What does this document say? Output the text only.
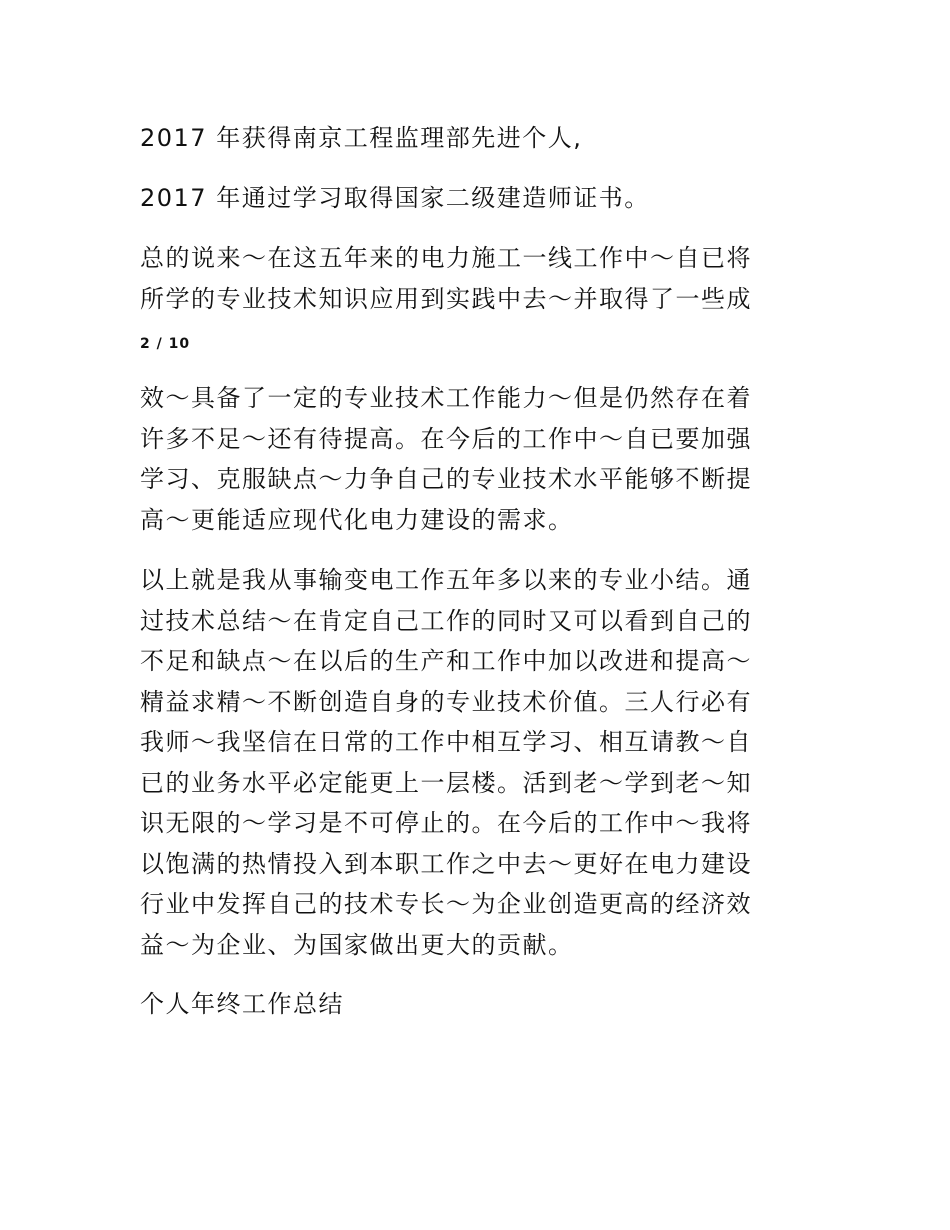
2017 年获得南京工程监理部先进个人,
2017 年通过学习取得国家二级建造师证书。
总的说来～在这五年来的电力施工一线工作中～自已将
所学的专业技术知识应用到实践中去～并取得了一些成
2 / 10
效～具备了一定的专业技术工作能力～但是仍然存在着
许多不足～还有待提高。在今后的工作中～自已要加强
学习、克服缺点～力争自己的专业技术水平能够不断提
高～更能适应现代化电力建设的需求。
以上就是我从事输变电工作五年多以来的专业小结。通
过技术总结～在肯定自己工作的同时又可以看到自己的
不足和缺点～在以后的生产和工作中加以改进和提高～
精益求精～不断创造自身的专业技术价值。三人行必有
我师～我坚信在日常的工作中相互学习、相互请教～自
已的业务水平必定能更上一层楼。活到老～学到老～知
识无限的～学习是不可停止的。在今后的工作中～我将
以饱满的热情投入到本职工作之中去～更好在电力建设
行业中发挥自己的技术专长～为企业创造更高的经济效
益～为企业、为国家做出更大的贡献。
个人年终工作总结
